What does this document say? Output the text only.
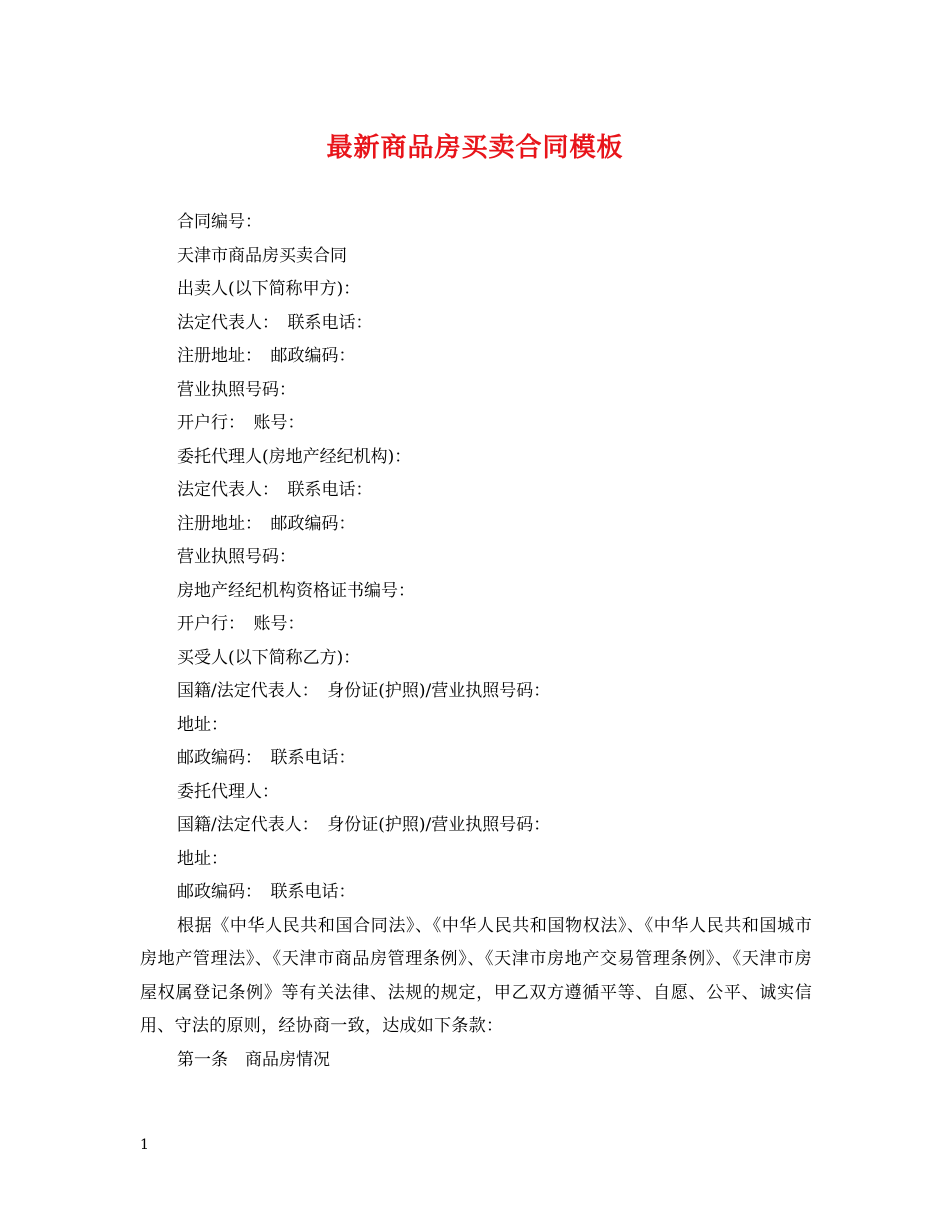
最新商品房买卖合同模板
合同编号：
天津市商品房买卖合同
出卖人(以下简称甲方)：
法定代表人：　联系电话：
注册地址：　邮政编码：
营业执照号码：
开户行：　账号：
委托代理人(房地产经纪机构)：
法定代表人：　联系电话：
注册地址：　邮政编码：
营业执照号码：
房地产经纪机构资格证书编号：
开户行：　账号：
买受人(以下简称乙方)：
国籍/法定代表人：　身份证(护照)/营业执照号码：
地址：
邮政编码：　联系电话：
委托代理人：
国籍/法定代表人：　身份证(护照)/营业执照号码：
地址：
邮政编码：　联系电话：
根据《中华人民共和国合同法》、《中华人民共和国物权法》、《中华人民共和国城市房地产管理法》、《天津市商品房管理条例》、《天津市房地产交易管理条例》、《天津市房屋权属登记条例》等有关法律、法规的规定，甲乙双方遵循平等、自愿、公平、诚实信用、守法的原则，经协商一致，达成如下条款：
第一条　商品房情况
1
